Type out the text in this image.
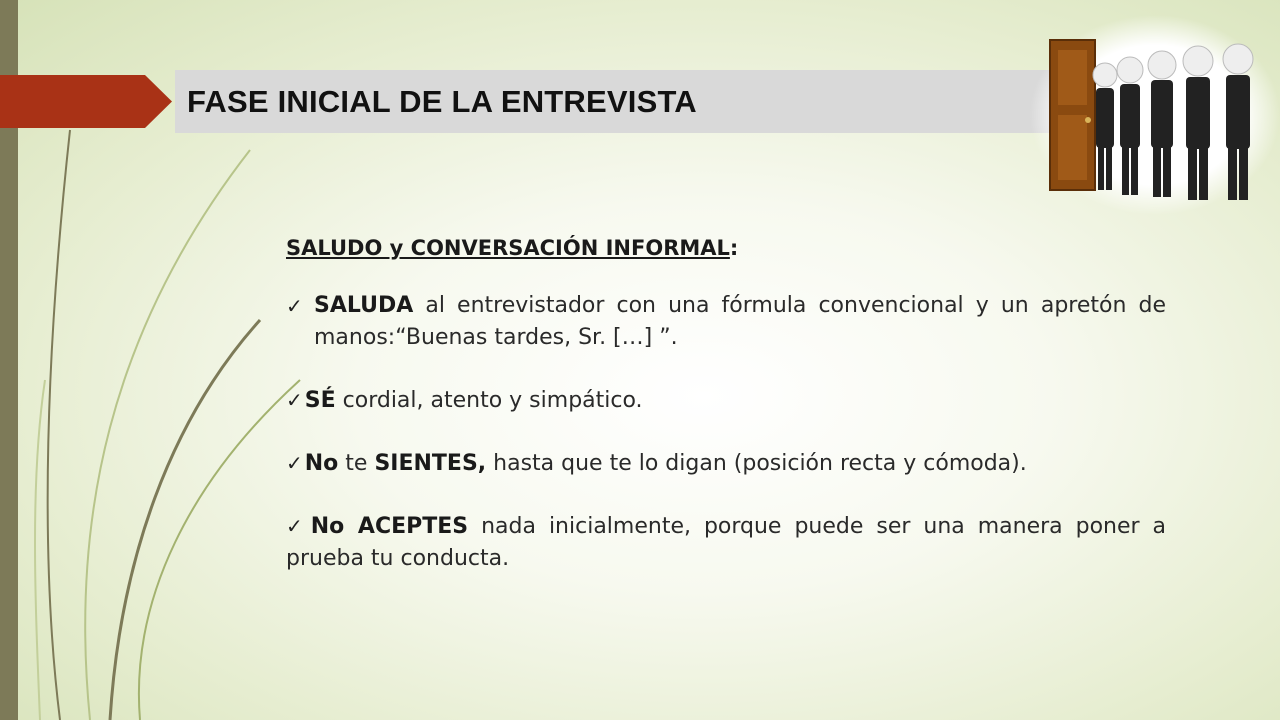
FASE INICIAL DE LA ENTREVISTA

SALUDO y CONVERSACIÓN INFORMAL:

✓ SALUDA al entrevistador con una fórmula convencional y un apretón de manos:“Buenas tardes, Sr. […] ”.
✓SÉ cordial, atento y simpático.
✓No te SIENTES, hasta que te lo digan (posición recta y cómoda).
✓No ACEPTES nada inicialmente, porque puede ser una manera poner a prueba tu conducta.
